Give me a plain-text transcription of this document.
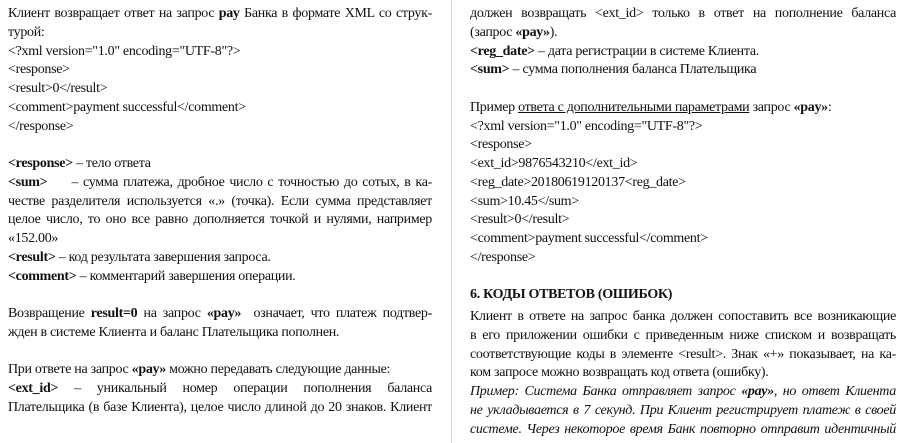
Клиент возвращает ответ на запрос pay Банка в формате XML со струк-
турой:
<?xml version="1.0" encoding="UTF-8"?>
<response>
<result>0</result>
<comment>payment successful</comment>
</response>
<response> – тело ответа
<sum>     – сумма платежа, дробное число с точностью до сотых, в ка-
честве разделителя используется «.» (точка). Если сумма представляет
целое число, то оно все равно дополняется точкой и нулями, например
«152.00»
<result> – код результата завершения запроса.
<comment> – комментарий завершения операции.
Возвращение result=0 на запрос «pay»  означает, что платеж подтвер-
жден в системе Клиента и баланс Плательщика пополнен.
При ответе на запрос «pay» можно передавать следующие данные:
<ext_id> – уникальный номер операции пополнения баланса
Плательщика (в базе Клиента), целое число длиной до 20 знаков. Клиент
должен возвращать <ext_id> только в ответ на пополнение баланса
(запрос «pay»).
<reg_date> – дата регистрации в системе Клиента.
<sum> – сумма пополнения баланса Плательщика
Пример ответа с дополнительными параметрами запрос «pay»:
<?xml version="1.0" encoding="UTF-8"?>
<response>
<ext_id>9876543210</ext_id>
<reg_date>20180619120137<reg_date>
<sum>10.45</sum>
<result>0</result>
<comment>payment successful</comment>
</response>
6. КОДЫ ОТВЕТОВ (ОШИБОК)
Клиент в ответе на запрос банка должен сопоставить все возникающие
в его приложении ошибки с приведенным ниже списком и возвращать
соответствующие коды в элементе <result>. Знак «+» показывает, на ка-
ком запросе можно возвращать код ответа (ошибку).
Пример: Система Банка отправляет запрос «pay», но ответ Клиента
не укладывается в 7 секунд. При Клиент регистрирует платеж в своей
системе. Через некоторое время Банк повторно отправит идентичный
